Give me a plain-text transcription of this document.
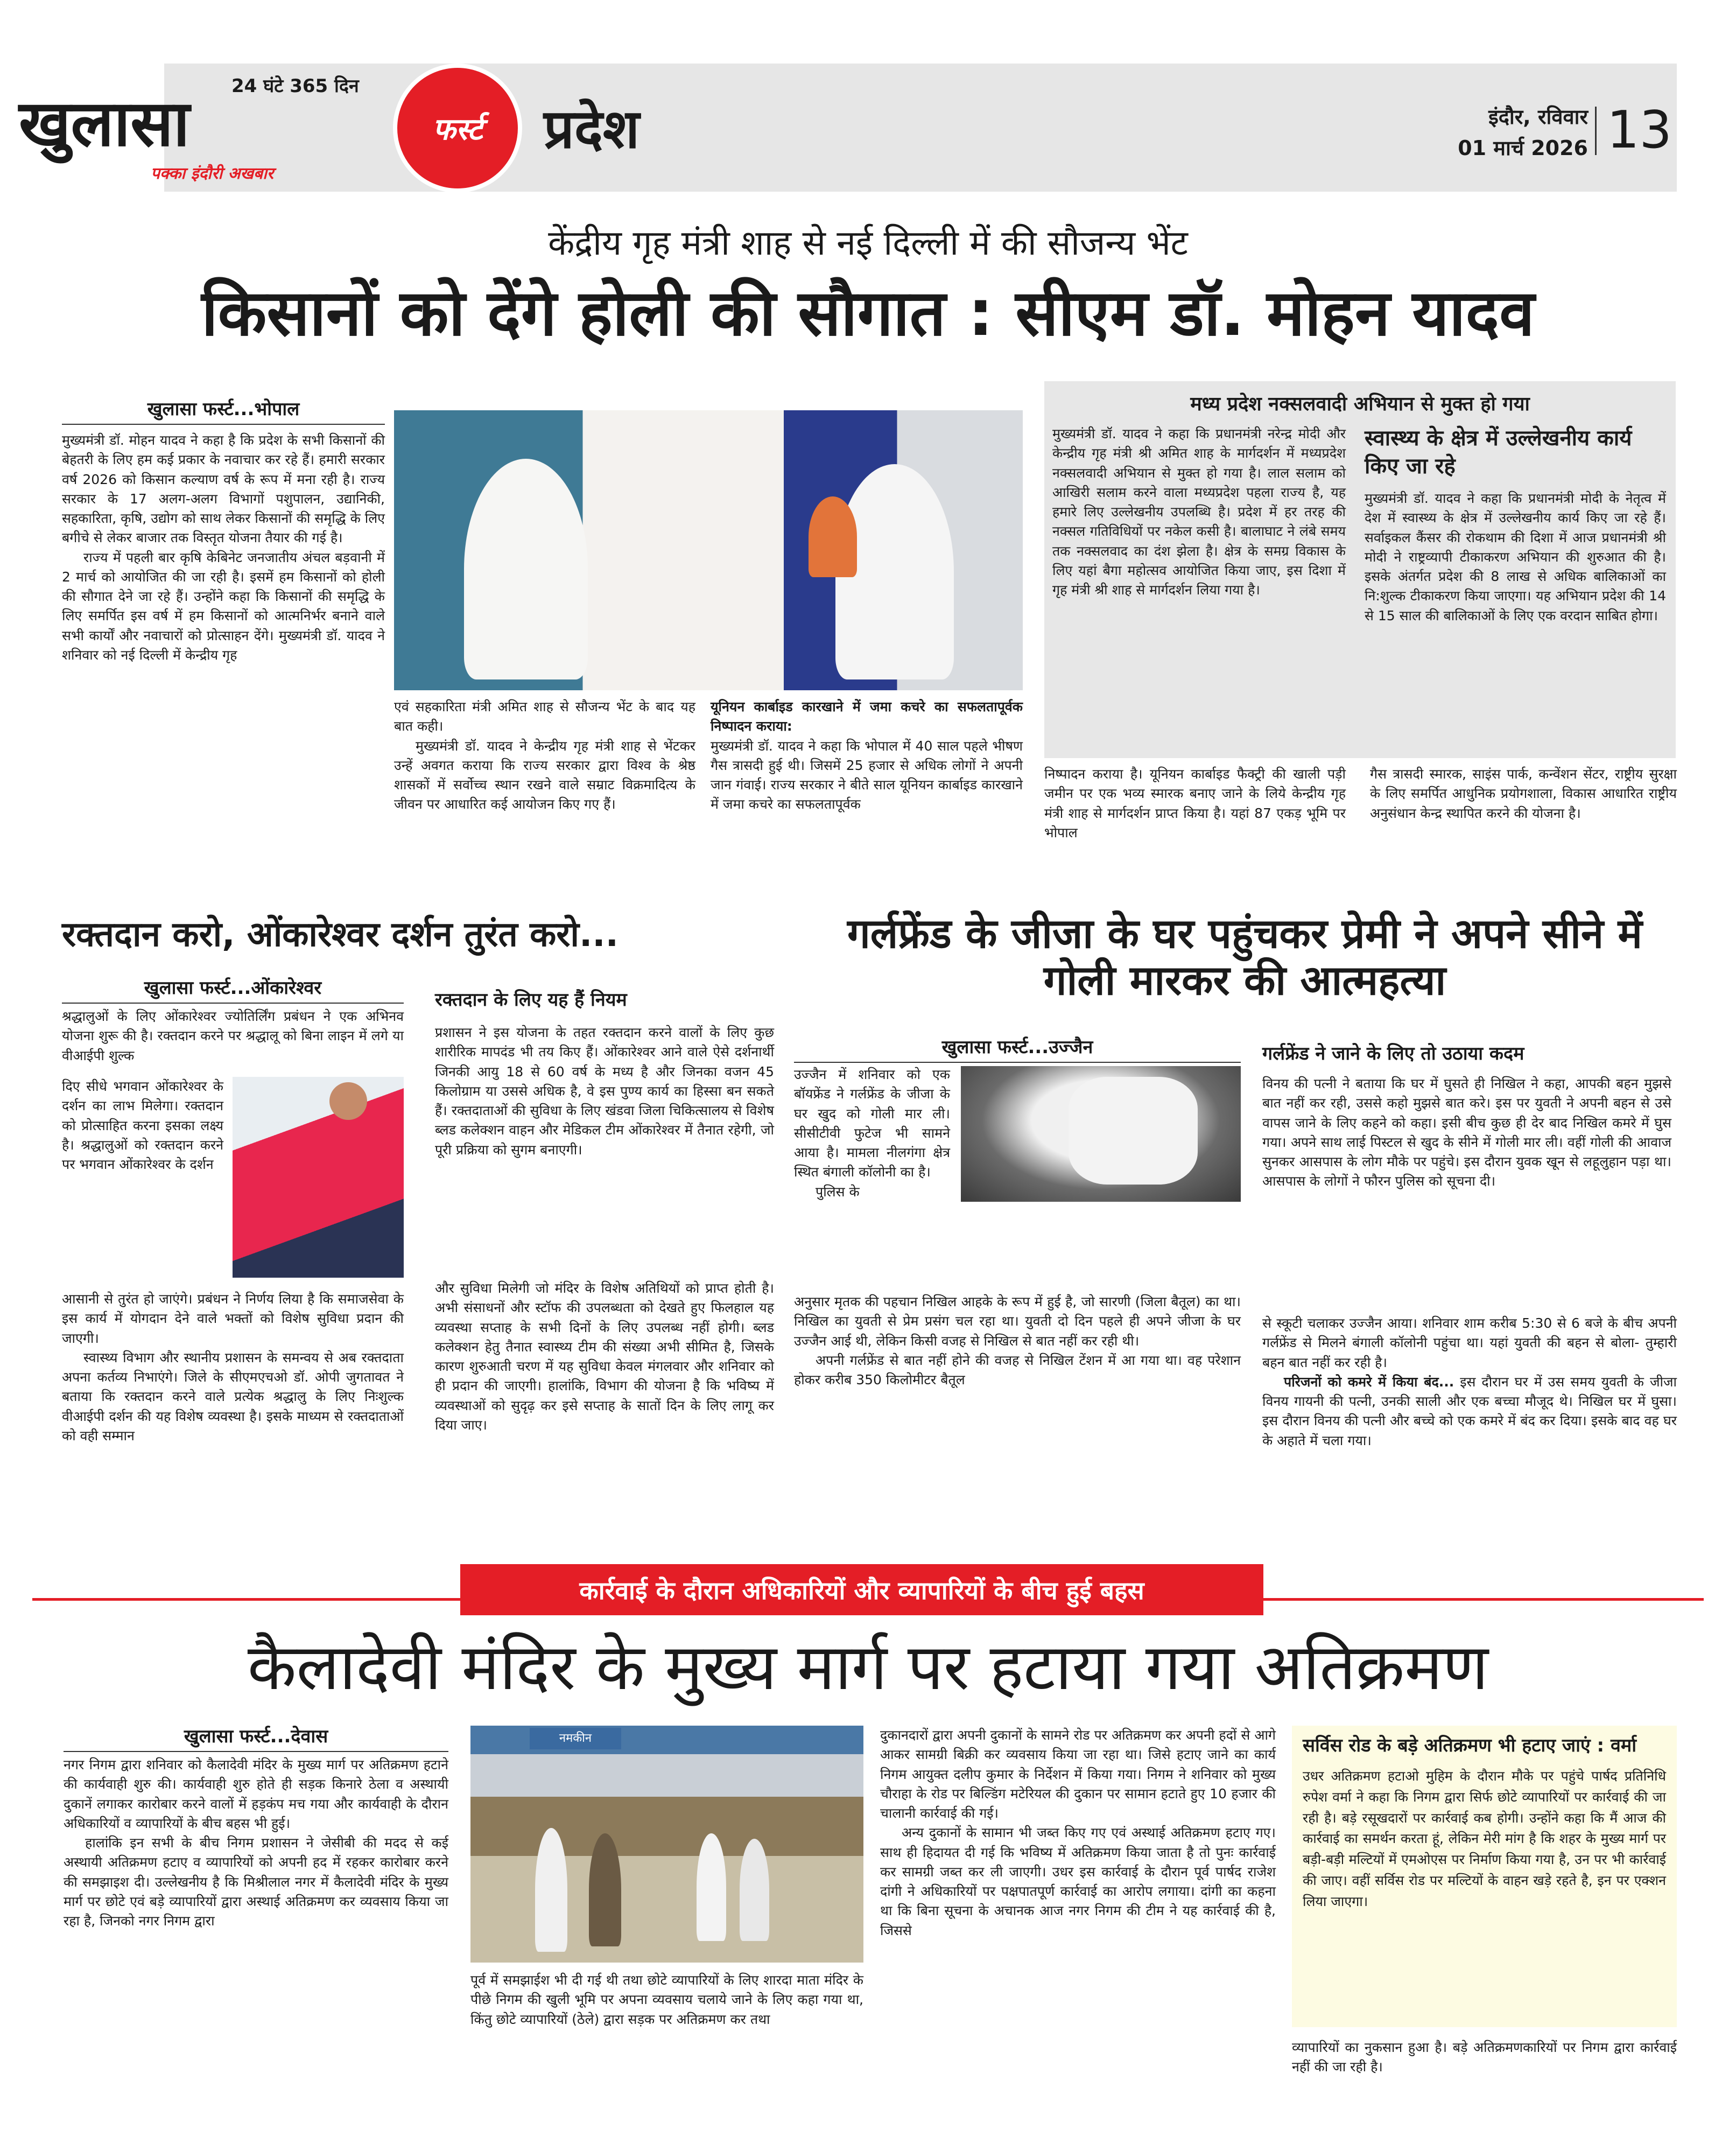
24 घंटे 365 दिन
खुलासा
पक्का इंदौरी अखबार
फर्स्ट प्रदेश	इंदौर, रविवार
01 मार्च 2026 13
केंद्रीय गृह मंत्री शाह से नई दिल्ली में की सौजन्य भेंट
किसानों को देंगे होली की सौगात : सीएम डॉ. मोहन यादव
खुलासा फर्स्ट...भोपाल

मुख्यमंत्री डॉ. मोहन यादव ने कहा है कि प्रदेश के सभी किसानों की बेहतरी के लिए हम कई प्रकार के नवाचार कर रहे हैं। हमारी सरकार वर्ष 2026 को किसान कल्याण वर्ष के रूप में मना रही है। राज्य सरकार के 17 अलग-अलग विभागों पशुपालन, उद्यानिकी, सहकारिता, कृषि, उद्योग को साथ लेकर किसानों की समृद्धि के लिए बगीचे से लेकर बाजार तक विस्तृत योजना तैयार की गई है।

राज्य में पहली बार कृषि केबिनेट जनजातीय अंचल बड़वानी में 2 मार्च को आयोजित की जा रही है। इसमें हम किसानों को होली की सौगात देने जा रहे हैं। उन्होंने कहा कि किसानों की समृद्धि के लिए समर्पित इस वर्ष में हम किसानों को आत्मनिर्भर बनाने वाले सभी कार्यों और नवाचारों को प्रोत्साहन देंगे। मुख्यमंत्री डॉ. यादव ने शनिवार को नई दिल्ली में केन्द्रीय गृह

एवं सहकारिता मंत्री अमित शाह से सौजन्य भेंट के बाद यह बात कही।

मुख्यमंत्री डॉ. यादव ने केन्द्रीय गृह मंत्री शाह से भेंटकर उन्हें अवगत कराया कि राज्य सरकार द्वारा विश्व के श्रेष्ठ शासकों में सर्वोच्च स्थान रखने वाले सम्राट विक्रमादित्य के जीवन पर आधारित कई आयोजन किए गए हैं।

यूनियन कार्बाइड कारखाने में जमा कचरे का सफलतापूर्वक निष्पादन कराया:
मुख्यमंत्री डॉ. यादव ने कहा कि भोपाल में 40 साल पहले भीषण गैस त्रासदी हुई थी। जिसमें 25 हजार से अधिक लोगों ने अपनी जान गंवाई। राज्य सरकार ने बीते साल यूनियन कार्बाइड कारखाने में जमा कचरे का सफलतापूर्वक
मध्य प्रदेश नक्सलवादी अभियान से मुक्त हो गया
मुख्यमंत्री डॉ. यादव ने कहा कि प्रधानमंत्री नरेन्द्र मोदी और केन्द्रीय गृह मंत्री श्री अमित शाह के मार्गदर्शन में मध्यप्रदेश नक्सलवादी अभियान से मुक्त हो गया है। लाल सलाम को आखिरी सलाम करने वाला मध्यप्रदेश पहला राज्य है, यह हमारे लिए उल्लेखनीय उपलब्धि है। प्रदेश में हर तरह की नक्सल गतिविधियों पर नकेल कसी है। बालाघाट ने लंबे समय तक नक्सलवाद का दंश झेला है। क्षेत्र के समग्र विकास के लिए यहां बैगा महोत्सव आयोजित किया जाए, इस दिशा में गृह मंत्री श्री शाह से मार्गदर्शन लिया गया है।
स्वास्थ्य के क्षेत्र में उल्लेखनीय कार्य किए जा रहे
मुख्यमंत्री डॉ. यादव ने कहा कि प्रधानमंत्री मोदी के नेतृत्व में देश में स्वास्थ्य के क्षेत्र में उल्लेखनीय कार्य किए जा रहे हैं। सर्वाइकल कैंसर की रोकथाम की दिशा में आज प्रधानमंत्री श्री मोदी ने राष्ट्रव्यापी टीकाकरण अभियान की शुरुआत की है। इसके अंतर्गत प्रदेश की 8 लाख से अधिक बालिकाओं का नि:शुल्क टीकाकरण किया जाएगा। यह अभियान प्रदेश की 14 से 15 साल की बालिकाओं के लिए एक वरदान साबित होगा।
निष्पादन कराया है। यूनियन कार्बाइड फैक्ट्री की खाली पड़ी जमीन पर एक भव्य स्मारक बनाए जाने के लिये केन्द्रीय गृह मंत्री शाह से मार्गदर्शन प्राप्त किया है। यहां 87 एकड़ भूमि पर भोपाल
गैस त्रासदी स्मारक, साइंस पार्क, कन्वेंशन सेंटर, राष्ट्रीय सुरक्षा के लिए समर्पित आधुनिक प्रयोगशाला, विकास आधारित राष्ट्रीय अनुसंधान केन्द्र स्थापित करने की योजना है।
रक्तदान करो, ओंकारेश्वर दर्शन तुरंत करो...
खुलासा फर्स्ट...ओंकारेश्वर
श्रद्धालुओं के लिए ओंकारेश्वर ज्योतिर्लिंग प्रबंधन ने एक अभिनव योजना शुरू की है। रक्तदान करने पर श्रद्धालू को बिना लाइन में लगे या वीआईपी शुल्क
दिए सीधे भगवान ओंकारेश्वर के दर्शन का लाभ मिलेगा। रक्तदान को प्रोत्साहित करना इसका लक्ष्य है। श्रद्धालुओं को रक्तदान करने पर भगवान ओंकारेश्वर के दर्शन

आसानी से तुरंत हो जाएंगे। प्रबंधन ने निर्णय लिया है कि समाजसेवा के इस कार्य में योगदान देने वाले भक्तों को विशेष सुविधा प्रदान की जाएगी।

स्वास्थ्य विभाग और स्थानीय प्रशासन के समन्वय से अब रक्तदाता अपना कर्तव्य निभाएंगे। जिले के सीएमएचओ डॉ. ओपी जुगतावत ने बताया कि रक्तदान करने वाले प्रत्येक श्रद्धालु के लिए निःशुल्क वीआईपी दर्शन की यह विशेष व्यवस्था है। इसके माध्यम से रक्तदाताओं को वही सम्मान

रक्तदान के लिए यह हैं नियम
प्रशासन ने इस योजना के तहत रक्तदान करने वालों के लिए कुछ शारीरिक मापदंड भी तय किए हैं। ओंकारेश्वर आने वाले ऐसे दर्शनार्थी जिनकी आयु 18 से 60 वर्ष के मध्य है और जिनका वजन 45 किलोग्राम या उससे अधिक है, वे इस पुण्य कार्य का हिस्सा बन सकते हैं। रक्तदाताओं की सुविधा के लिए खंडवा जिला चिकित्सालय से विशेष ब्लड कलेक्शन वाहन और मेडिकल टीम ओंकारेश्वर में तैनात रहेगी, जो पूरी प्रक्रिया को सुगम बनाएगी।
और सुविधा मिलेगी जो मंदिर के विशेष अतिथियों को प्राप्त होती है। अभी संसाधनों और स्टॉफ की उपलब्धता को देखते हुए फिलहाल यह व्यवस्था सप्ताह के सभी दिनों के लिए उपलब्ध नहीं होगी। ब्लड कलेक्शन हेतु तैनात स्वास्थ्य टीम की संख्या अभी सीमित है, जिसके कारण शुरुआती चरण में यह सुविधा केवल मंगलवार और शनिवार को ही प्रदान की जाएगी। हालांकि, विभाग की योजना है कि भविष्य में व्यवस्थाओं को सुदृढ़ कर इसे सप्ताह के सातों दिन के लिए लागू कर दिया जाए।
गर्लफ्रेंड के जीजा के घर पहुंचकर प्रेमी ने अपने सीने में गोली मारकर की आत्महत्या
खुलासा फर्स्ट...उज्जैन

उज्जैन में शनिवार को एक बॉयफ्रेंड ने गर्लफ्रेंड के जीजा के घर खुद को गोली मार ली। सीसीटीवी फुटेज भी सामने आया है। मामला नीलगंगा क्षेत्र स्थित बंगाली कॉलोनी का है।

पुलिस के

अनुसार मृतक की पहचान निखिल आहके के रूप में हुई है, जो सारणी (जिला बैतूल) का था। निखिल का युवती से प्रेम प्रसंग चल रहा था। युवती दो दिन पहले ही अपने जीजा के घर उज्जैन आई थी, लेकिन किसी वजह से निखिल से बात नहीं कर रही थी।

अपनी गर्लफ्रेंड से बात नहीं होने की वजह से निखिल टेंशन में आ गया था। वह परेशान होकर करीब 350 किलोमीटर बैतूल

गर्लफ्रेंड ने जाने के लिए तो उठाया कदम
विनय की पत्नी ने बताया कि घर में घुसते ही निखिल ने कहा, आपकी बहन मुझसे बात नहीं कर रही, उससे कहो मुझसे बात करे। इस पर युवती ने अपनी बहन से उसे वापस जाने के लिए कहने को कहा। इसी बीच कुछ ही देर बाद निखिल कमरे में घुस गया। अपने साथ लाई पिस्टल से खुद के सीने में गोली मार ली। वहीं गोली की आवाज सुनकर आसपास के लोग मौके पर पहुंचे। इस दौरान युवक खून से लहूलुहान पड़ा था। आसपास के लोगों ने फौरन पुलिस को सूचना दी।

से स्कूटी चलाकर उज्जैन आया। शनिवार शाम करीब 5:30 से 6 बजे के बीच अपनी गर्लफ्रेंड से मिलने बंगाली कॉलोनी पहुंचा था। यहां युवती की बहन से बोला- तुम्हारी बहन बात नहीं कर रही है।

परिजनों को कमरे में किया बंद... इस दौरान घर में उस समय युवती के जीजा विनय गायनी की पत्नी, उनकी साली और एक बच्चा मौजूद थे। निखिल घर में घुसा। इस दौरान विनय की पत्नी और बच्चे को एक कमरे में बंद कर दिया। इसके बाद वह घर के अहाते में चला गया।

कार्रवाई के दौरान अधिकारियों और व्यापारियों के बीच हुई बहस
कैलादेवी मंदिर के मुख्य मार्ग पर हटाया गया अतिक्रमण
खुलासा फर्स्ट...देवास

नगर निगम द्वारा शनिवार को कैलादेवी मंदिर के मुख्य मार्ग पर अतिक्रमण हटाने की कार्यवाही शुरु की। कार्यवाही शुरु होते ही सड़क किनारे ठेला व अस्थायी दुकानें लगाकर कारोबार करने वालों में हड़कंप मच गया और कार्यवाही के दौरान अधिकारियों व व्यापारियों के बीच बहस भी हुई।

हालांकि इन सभी के बीच निगम प्रशासन ने जेसीबी की मदद से कई अस्थायी अतिक्रमण हटाए व व्यापारियों को अपनी हद में रहकर कारोबार करने की समझाइश दी। उल्लेखनीय है कि मिश्रीलाल नगर में कैलादेवी मंदिर के मुख्य मार्ग पर छोटे एवं बड़े व्यापारियों द्वारा अस्थाई अतिक्रमण कर व्यवसाय किया जा रहा है, जिनको नगर निगम द्वारा

नमकीन
पूर्व में समझाईश भी दी गई थी तथा छोटे व्यापारियों के लिए शारदा माता मंदिर के पीछे निगम की खुली भूमि पर अपना व्यवसाय चलाये जाने के लिए कहा गया था, किंतु छोटे व्यापारियों (ठेले) द्वारा सड़क पर अतिक्रमण कर तथा

दुकानदारों द्वारा अपनी दुकानों के सामने रोड पर अतिक्रमण कर अपनी हदों से आगे आकर सामग्री बिक्री कर व्यवसाय किया जा रहा था। जिसे हटाए जाने का कार्य निगम आयुक्त दलीप कुमार के निर्देशन में किया गया। निगम ने शनिवार को मुख्य चौराहा के रोड पर बिल्डिंग मटेरियल की दुकान पर सामान हटाते हुए 10 हजार की चालानी कार्रवाई की गई।

अन्य दुकानों के सामान भी जब्त किए गए एवं अस्थाई अतिक्रमण हटाए गए। साथ ही हिदायत दी गई कि भविष्य में अतिक्रमण किया जाता है तो पुनः कार्रवाई कर सामग्री जब्त कर ली जाएगी। उधर इस कार्रवाई के दौरान पूर्व पार्षद राजेश दांगी ने अधिकारियों पर पक्षपातपूर्ण कार्रवाई का आरोप लगाया। दांगी का कहना था कि बिना सूचना के अचानक आज नगर निगम की टीम ने यह कार्रवाई की है, जिससे

सर्विस रोड के बड़े अतिक्रमण भी हटाए जाएं : वर्मा
उधर अतिक्रमण हटाओ मुहिम के दौरान मौके पर पहुंचे पार्षद प्रतिनिधि रुपेश वर्मा ने कहा कि निगम द्वारा सिर्फ छोटे व्यापारियों पर कार्रवाई की जा रही है। बड़े रसूखदारों पर कार्रवाई कब होगी। उन्होंने कहा कि मैं आज की कार्रवाई का समर्थन करता हूं, लेकिन मेरी मांग है कि शहर के मुख्य मार्ग पर बड़ी-बड़ी मल्टियों में एमओएस पर निर्माण किया गया है, उन पर भी कार्रवाई की जाए। वहीं सर्विस रोड पर मल्टियों के वाहन खड़े रहते है, इन पर एक्शन लिया जाएगा।
व्यापारियों का नुकसान हुआ है। बड़े अतिक्रमणकारियों पर निगम द्वारा कार्रवाई नहीं की जा रही है।
